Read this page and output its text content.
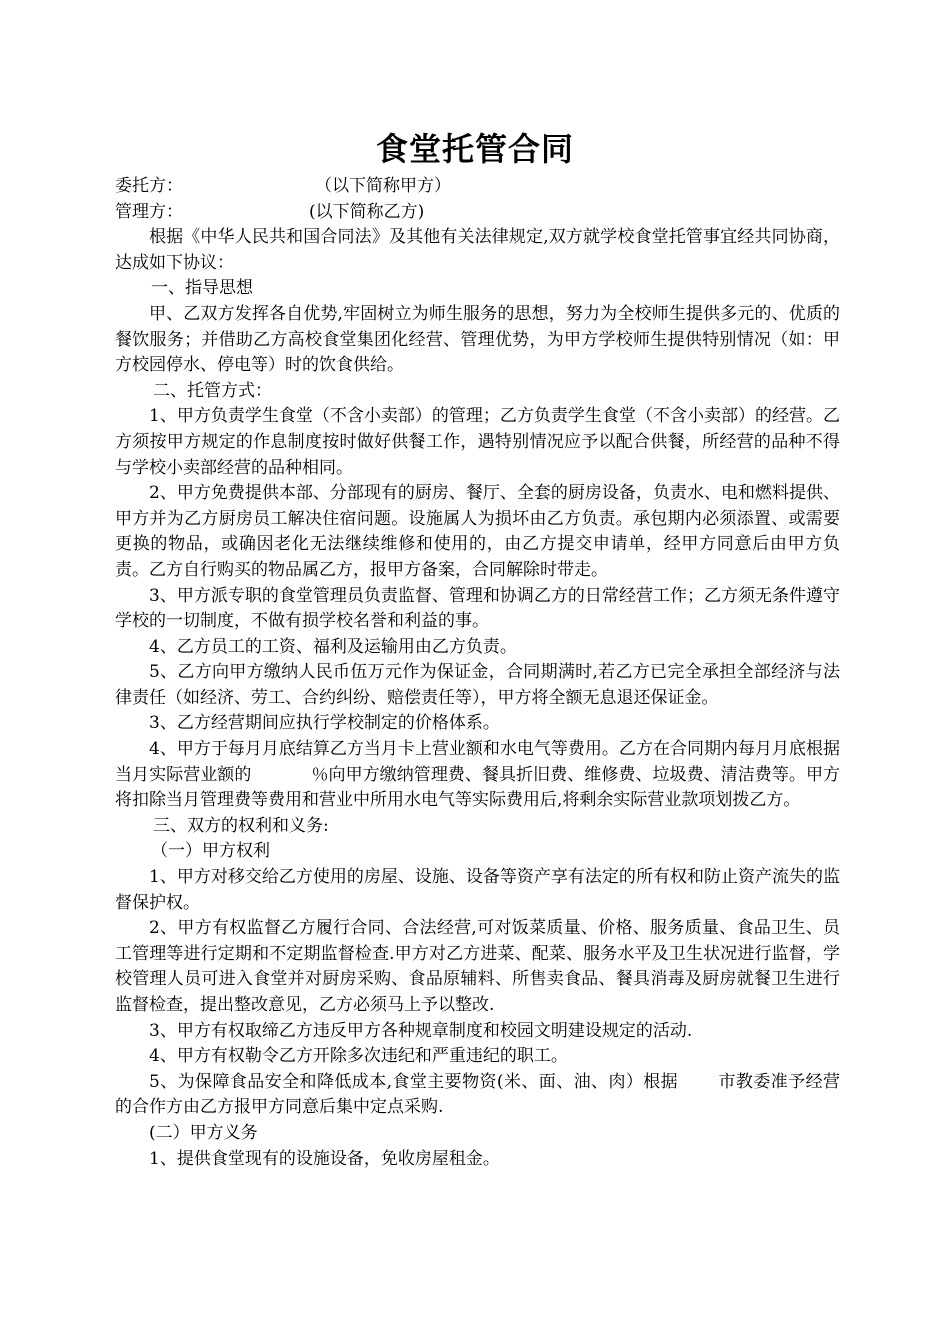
食堂托管合同

委托方：	（以下简称甲方）

管理方：	(以下简称乙方)

根据《中华人民共和国合同法》及其他有关法律规定,双方就学校食堂托管事宜经共同协商，达成如下协议：

一、指导思想

甲、乙双方发挥各自优势,牢固树立为师生服务的思想，努力为全校师生提供多元的、优质的餐饮服务；并借助乙方高校食堂集团化经营、管理优势，为甲方学校师生提供特别情况（如：甲方校园停水、停电等）时的饮食供给。

二、托管方式：

1、甲方负责学生食堂（不含小卖部）的管理；乙方负责学生食堂（不含小卖部）的经营。乙方须按甲方规定的作息制度按时做好供餐工作，遇特别情况应予以配合供餐，所经营的品种不得与学校小卖部经营的品种相同。

2、甲方免费提供本部、分部现有的厨房、餐厅、全套的厨房设备，负责水、电和燃料提供、甲方并为乙方厨房员工解决住宿问题。设施属人为损坏由乙方负责。承包期内必须添置、或需要更换的物品，或确因老化无法继续维修和使用的，由乙方提交申请单，经甲方同意后由甲方负责。乙方自行购买的物品属乙方，报甲方备案，合同解除时带走。

3、甲方派专职的食堂管理员负责监督、管理和协调乙方的日常经营工作；乙方须无条件遵守学校的一切制度，不做有损学校名誉和利益的事。

4、乙方员工的工资、福利及运输用由乙方负责。

5、乙方向甲方缴纳人民币伍万元作为保证金，合同期满时,若乙方已完全承担全部经济与法律责任（如经济、劳工、合约纠纷、赔偿责任等），甲方将全额无息退还保证金。

3、乙方经营期间应执行学校制定的价格体系。

4、甲方于每月月底结算乙方当月卡上营业额和水电气等费用。乙方在合同期内每月月底根据当月实际营业额的	％向甲方缴纳管理费、餐具折旧费、维修费、垃圾费、清洁费等。甲方将扣除当月管理费等费用和营业中所用水电气等实际费用后,将剩余实际营业款项划拨乙方。

三、双方的权利和义务:

（一）甲方权利

1、甲方对移交给乙方使用的房屋、设施、设备等资产享有法定的所有权和防止资产流失的监督保护权。

2、甲方有权监督乙方履行合同、合法经营,可对饭菜质量、价格、服务质量、食品卫生、员工管理等进行定期和不定期监督检查.甲方对乙方进菜、配菜、服务水平及卫生状况进行监督，学校管理人员可进入食堂并对厨房采购、食品原辅料、所售卖食品、餐具消毒及厨房就餐卫生进行监督检查，提出整改意见，乙方必须马上予以整改.

3、甲方有权取缔乙方违反甲方各种规章制度和校园文明建设规定的活动.

4、甲方有权勒令乙方开除多次违纪和严重违纪的职工。

5、为保障食品安全和降低成本,食堂主要物资(米、面、油、肉）根据 市教委准予经营的合作方由乙方报甲方同意后集中定点采购.

(二）甲方义务

1、提供食堂现有的设施设备，免收房屋租金。
